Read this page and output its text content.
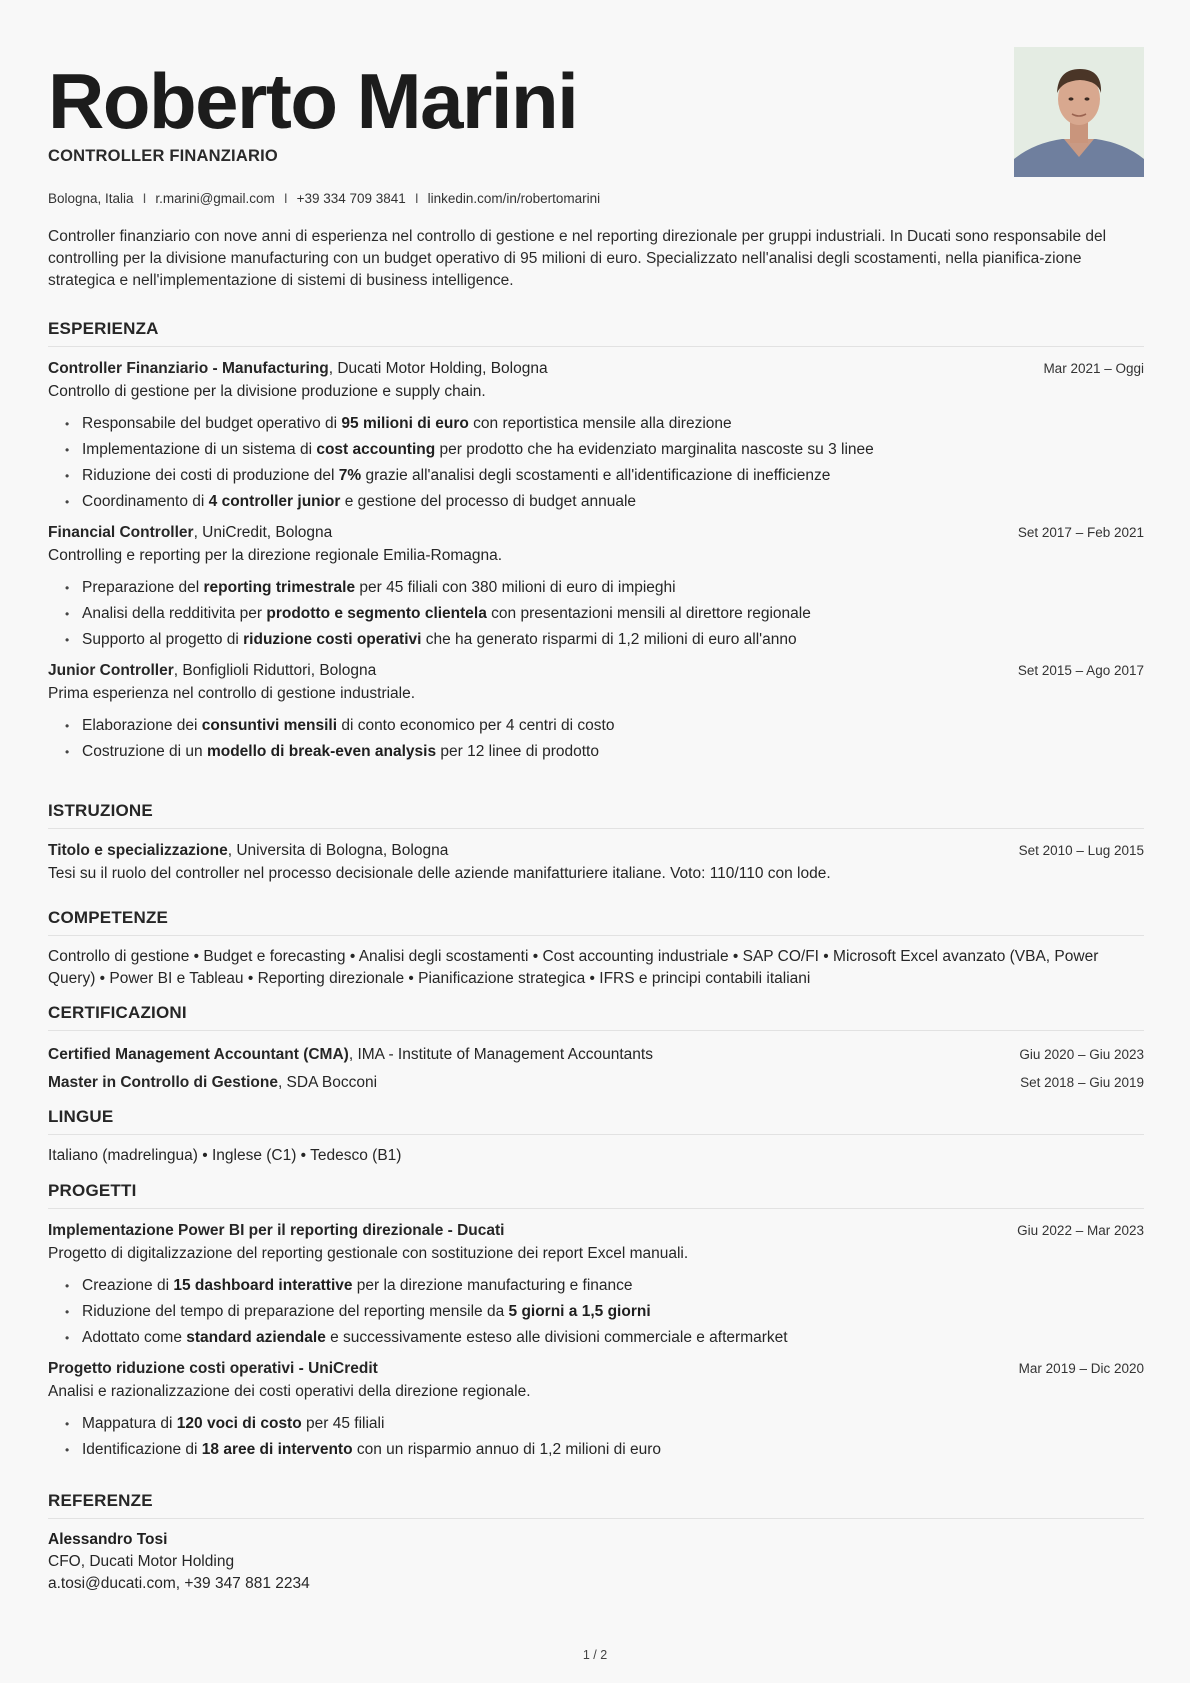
Roberto Marini
CONTROLLER FINANZIARIO
Bologna, Italia I r.marini@gmail.com I +39 334 709 3841 I linkedin.com/in/robertomarini
Controller finanziario con nove anni di esperienza nel controllo di gestione e nel reporting direzionale per gruppi industriali. In Ducati sono responsabile del controlling per la divisione manufacturing con un budget operativo di 95 milioni di euro. Specializzato nell'analisi degli scostamenti, nella pianifica-zione strategica e nell'implementazione di sistemi di business intelligence.
ESPERIENZA
Controller Finanziario - Manufacturing, Ducati Motor Holding, Bologna	Mar 2021 – Oggi
Controllo di gestione per la divisione produzione e supply chain.
• Responsabile del budget operativo di 95 milioni di euro con reportistica mensile alla direzione
• Implementazione di un sistema di cost accounting per prodotto che ha evidenziato marginalita nascoste su 3 linee
• Riduzione dei costi di produzione del 7% grazie all'analisi degli scostamenti e all'identificazione di inefficienze
• Coordinamento di 4 controller junior e gestione del processo di budget annuale
Financial Controller, UniCredit, Bologna	Set 2017 – Feb 2021
Controlling e reporting per la direzione regionale Emilia-Romagna.
• Preparazione del reporting trimestrale per 45 filiali con 380 milioni di euro di impieghi
• Analisi della redditivita per prodotto e segmento clientela con presentazioni mensili al direttore regionale
• Supporto al progetto di riduzione costi operativi che ha generato risparmi di 1,2 milioni di euro all'anno
Junior Controller, Bonfiglioli Riduttori, Bologna	Set 2015 – Ago 2017
Prima esperienza nel controllo di gestione industriale.
• Elaborazione dei consuntivi mensili di conto economico per 4 centri di costo
• Costruzione di un modello di break-even analysis per 12 linee di prodotto
ISTRUZIONE
Titolo e specializzazione, Universita di Bologna, Bologna	Set 2010 – Lug 2015
Tesi su il ruolo del controller nel processo decisionale delle aziende manifatturiere italiane. Voto: 110/110 con lode.
COMPETENZE
Controllo di gestione • Budget e forecasting • Analisi degli scostamenti • Cost accounting industriale • SAP CO/FI • Microsoft Excel avanzato (VBA, Power Query) • Power BI e Tableau • Reporting direzionale • Pianificazione strategica • IFRS e principi contabili italiani
CERTIFICAZIONI
Certified Management Accountant (CMA), IMA - Institute of Management Accountants	Giu 2020 – Giu 2023
Master in Controllo di Gestione, SDA Bocconi	Set 2018 – Giu 2019
LINGUE
Italiano (madrelingua) • Inglese (C1) • Tedesco (B1)
PROGETTI
Implementazione Power BI per il reporting direzionale - Ducati	Giu 2022 – Mar 2023
Progetto di digitalizzazione del reporting gestionale con sostituzione dei report Excel manuali.
• Creazione di 15 dashboard interattive per la direzione manufacturing e finance
• Riduzione del tempo di preparazione del reporting mensile da 5 giorni a 1,5 giorni
• Adottato come standard aziendale e successivamente esteso alle divisioni commerciale e aftermarket
Progetto riduzione costi operativi - UniCredit	Mar 2019 – Dic 2020
Analisi e razionalizzazione dei costi operativi della direzione regionale.
• Mappatura di 120 voci di costo per 45 filiali
• Identificazione di 18 aree di intervento con un risparmio annuo di 1,2 milioni di euro
REFERENZE
Alessandro Tosi
CFO, Ducati Motor Holding
a.tosi@ducati.com, +39 347 881 2234
1 / 2
